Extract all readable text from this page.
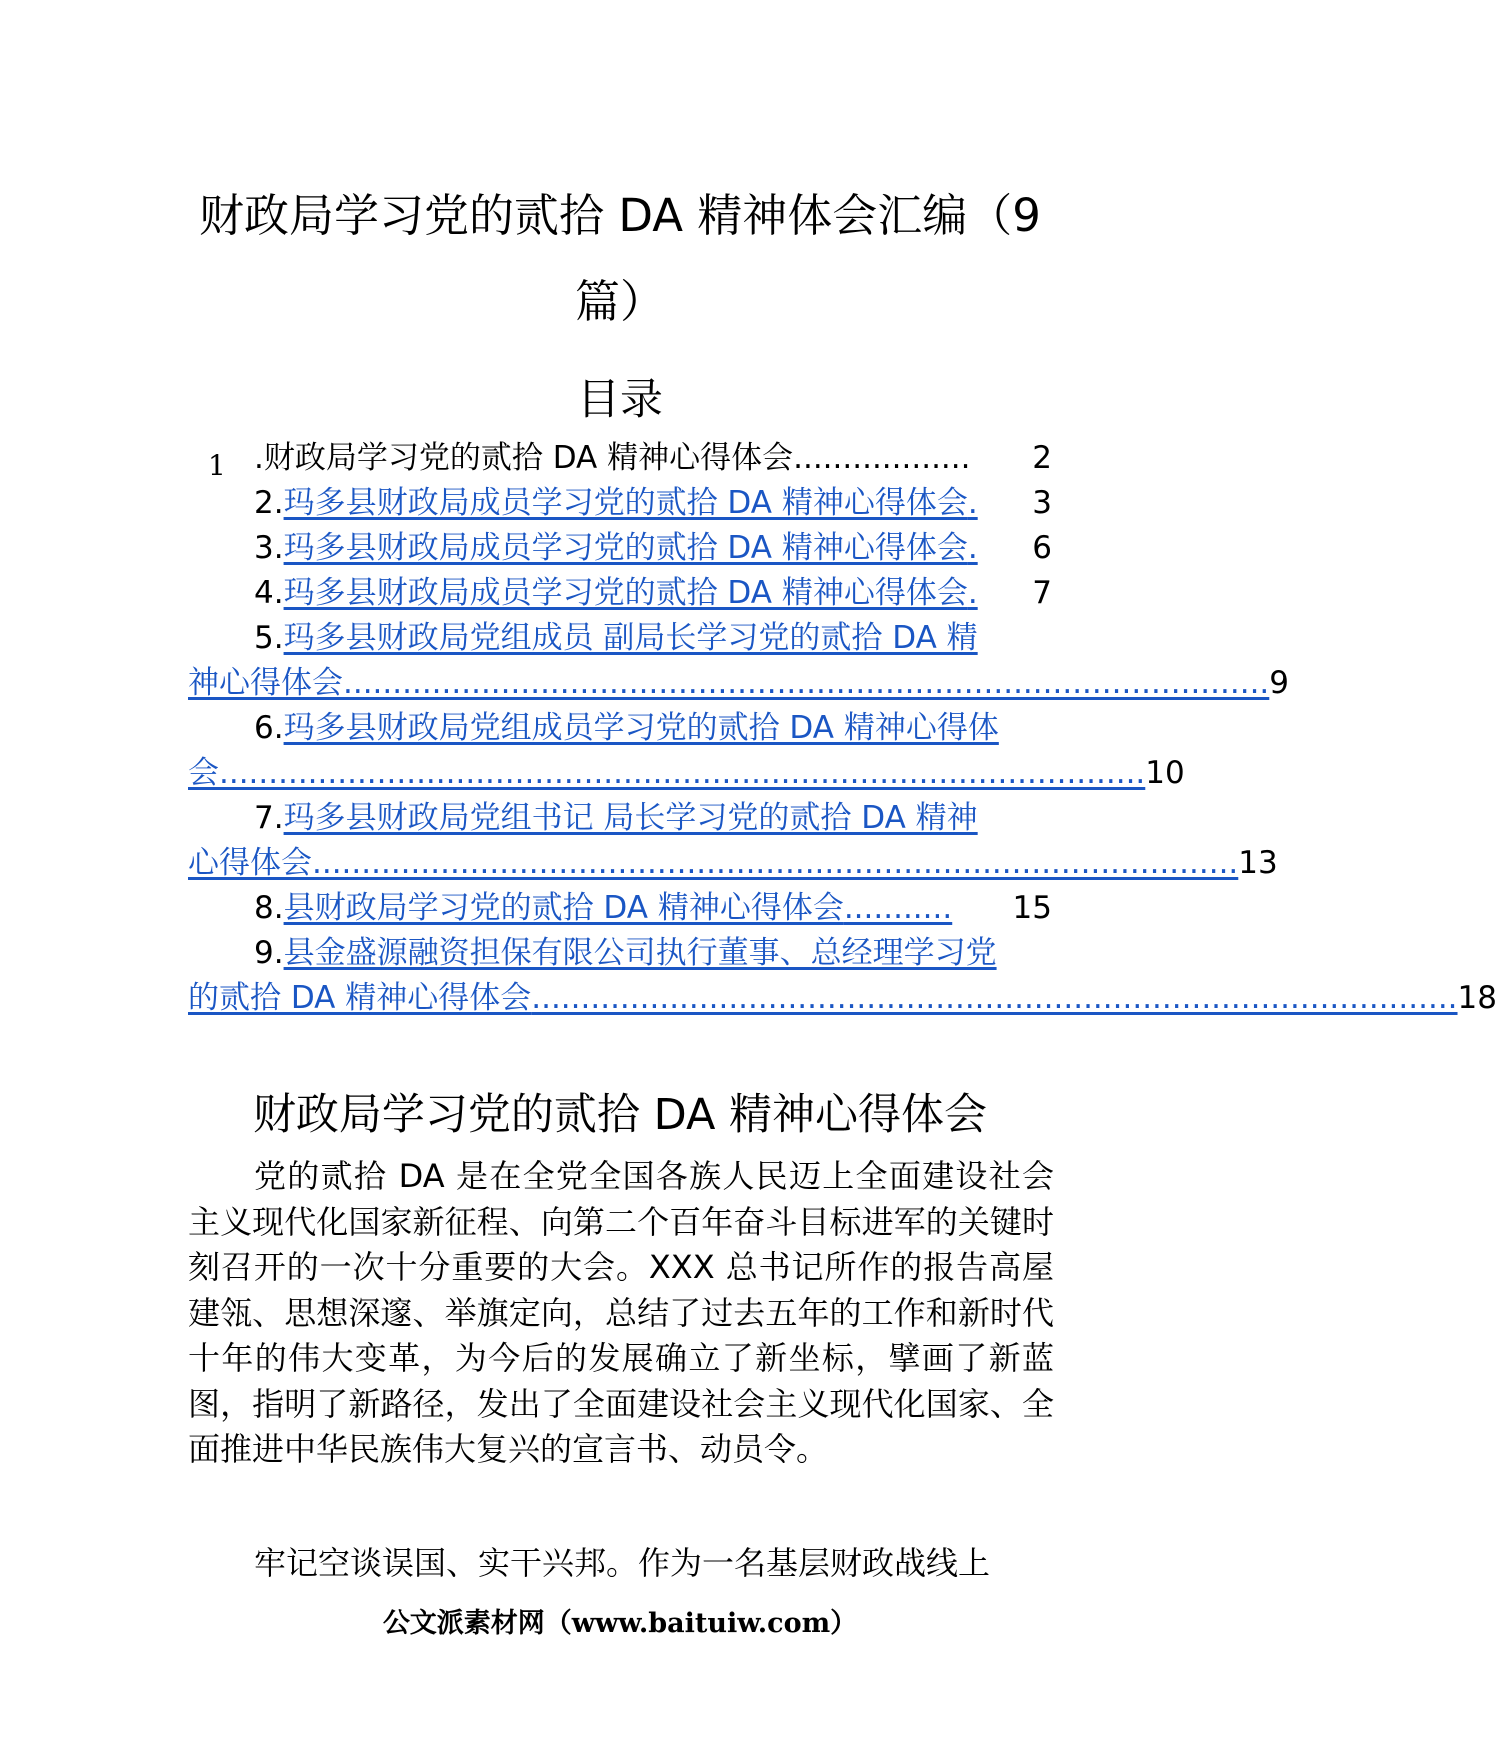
财政局学习党的贰拾 DA 精神体会汇编（9
篇）
目录
1 . 财政局学习党的贰拾 DA 精神心得体会 ..................	2
2. 玛多县财政局成员学习党的贰拾 DA 精神心得体会 .	3
3. 玛多县财政局成员学习党的贰拾 DA 精神心得体会 .	6
4. 玛多县财政局成员学习党的贰拾 DA 精神心得体会 .	7
5. 玛多县财政局党组成员 副局长学习党的贰拾 DA 精
神心得体会 .............................................................................................. 9
6. 玛多县财政局党组成员学习党的贰拾 DA 精神心得体
会 .............................................................................................. 10
7. 玛多县财政局党组书记 局长学习党的贰拾 DA 精神
心得体会 .............................................................................................. 13
8. 县财政局学习党的贰拾 DA 精神心得体会 ...........	15
9. 县金盛源融资担保有限公司执行董事、总经理学习党
的贰拾 DA 精神心得体会 .............................................................................................. 18
财政局学习党的贰拾 DA 精神心得体会
党的贰拾 DA 是在全党全国各族人民迈上全面建设社会主义现代化国家新征程、向第二个百年奋斗目标进军的关键时刻召开的一次十分重要的大会。XXX 总书记所作的报告高屋建瓴、思想深邃、举旗定向，总结了过去五年的工作和新时代十年的伟大变革，为今后的发展确立了新坐标，擘画了新蓝图，指明了新路径，发出了全面建设社会主义现代化国家、全面推进中华民族伟大复兴的宣言书、动员令。
牢记空谈误国、实干兴邦。作为一名基层财政战线上
公文派素材网（www.baituiw.com）
